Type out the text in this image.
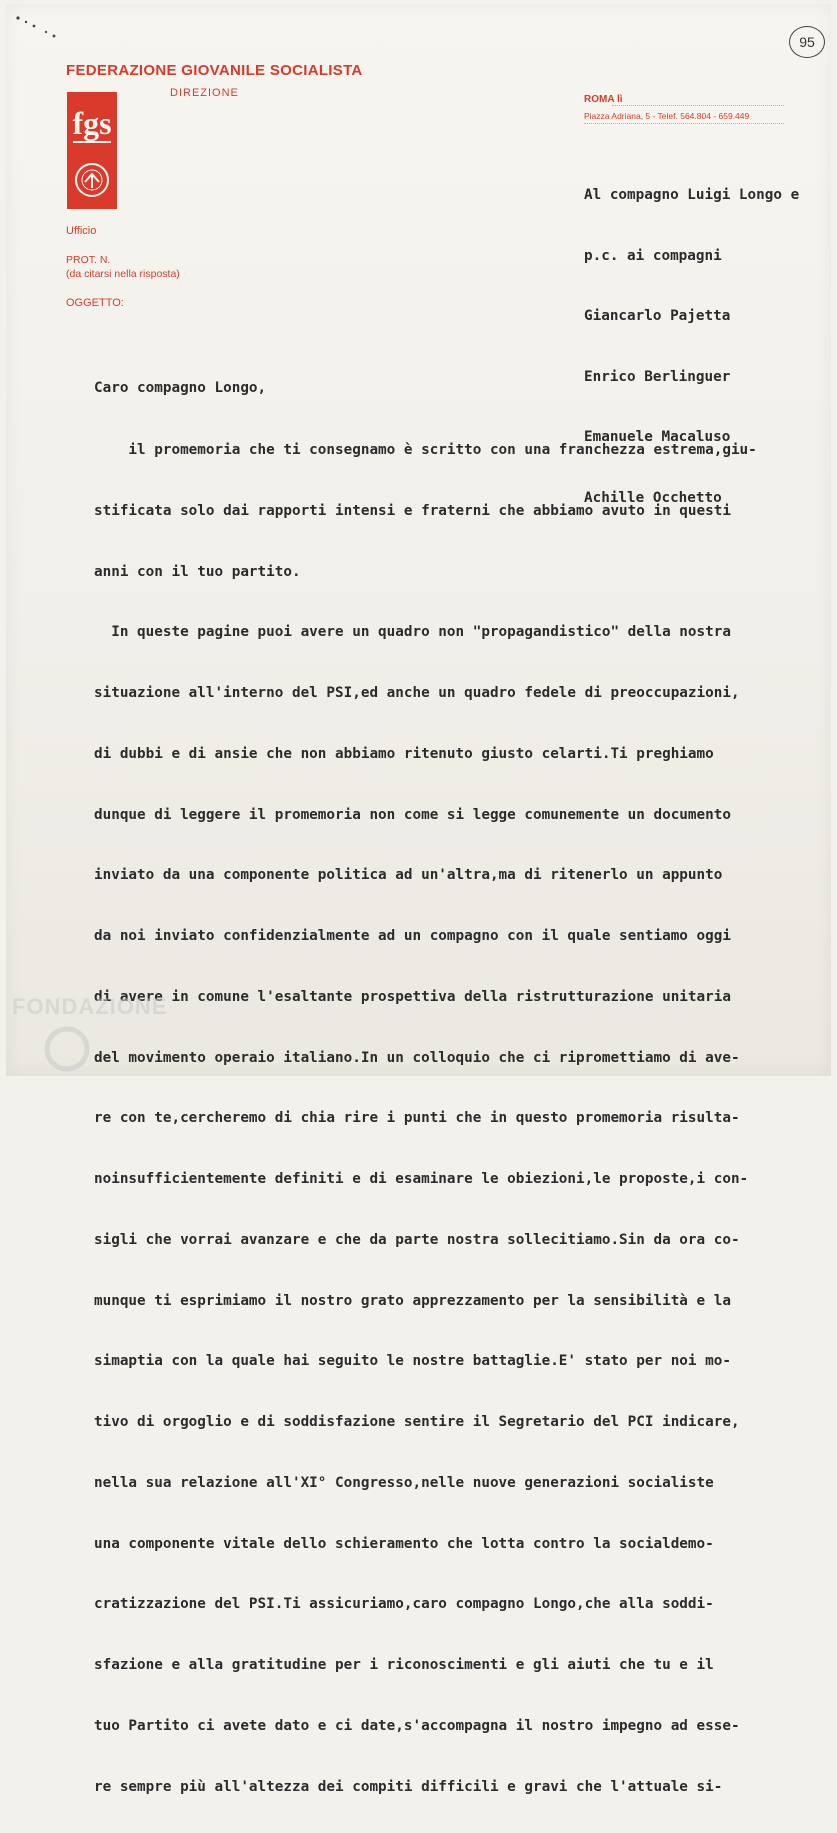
95
FEDERAZIONE GIOVANILE SOCIALISTA
DIREZIONE
fgs
ROMA lì
Piazza Adriana, 5 - Telef. 564.804 - 659.449
Ufficio
PROT. N.
(da citarsi nella risposta)
OGGETTO:

Al compagno Luigi Longo e

p.c. ai compagni

Giancarlo Pajetta

Enrico Berlinguer

Emanuele Macaluso

Achille Occhetto

Caro compagno Longo,

il promemoria che ti consegnamo è scritto con una franchezza estrema,giu-

stificata solo dai rapporti intensi e fraterni che abbiamo avuto in questi

anni con il tuo partito.

In queste pagine puoi avere un quadro non "propagandistico" della nostra

situazione all'interno del PSI,ed anche un quadro fedele di preoccupazioni,

di dubbi e di ansie che non abbiamo ritenuto giusto celarti.Ti preghiamo

dunque di leggere il promemoria non come si legge comunemente un documento

inviato da una componente politica ad un'altra,ma di ritenerlo un appunto

da noi inviato confidenzialmente ad un compagno con il quale sentiamo oggi

di avere in comune l'esaltante prospettiva della ristrutturazione unitaria

del movimento operaio italiano.In un colloquio che ci ripromettiamo di ave-

re con te,cercheremo di chia rire i punti che in questo promemoria risulta-

noinsufficientemente definiti e di esaminare le obiezioni,le proposte,i con-

sigli che vorrai avanzare e che da parte nostra sollecitiamo.Sin da ora co-

munque ti esprimiamo il nostro grato apprezzamento per la sensibilità e la

simaptia con la quale hai seguito le nostre battaglie.E' stato per noi mo-

tivo di orgoglio e di soddisfazione sentire il Segretario del PCI indicare,

nella sua relazione all'XI° Congresso,nelle nuove generazioni socialiste

una componente vitale dello schieramento che lotta contro la socialdemo-

cratizzazione del PSI.Ti assicuriamo,caro compagno Longo,che alla soddi-

sfazione e alla gratitudine per i riconoscimenti e gli aiuti che tu e il

tuo Partito ci avete dato e ci date,s'accompagna il nostro impegno ad esse-

re sempre più all'altezza dei compiti difficili e gravi che l'attuale si-

FONDAZIONE
